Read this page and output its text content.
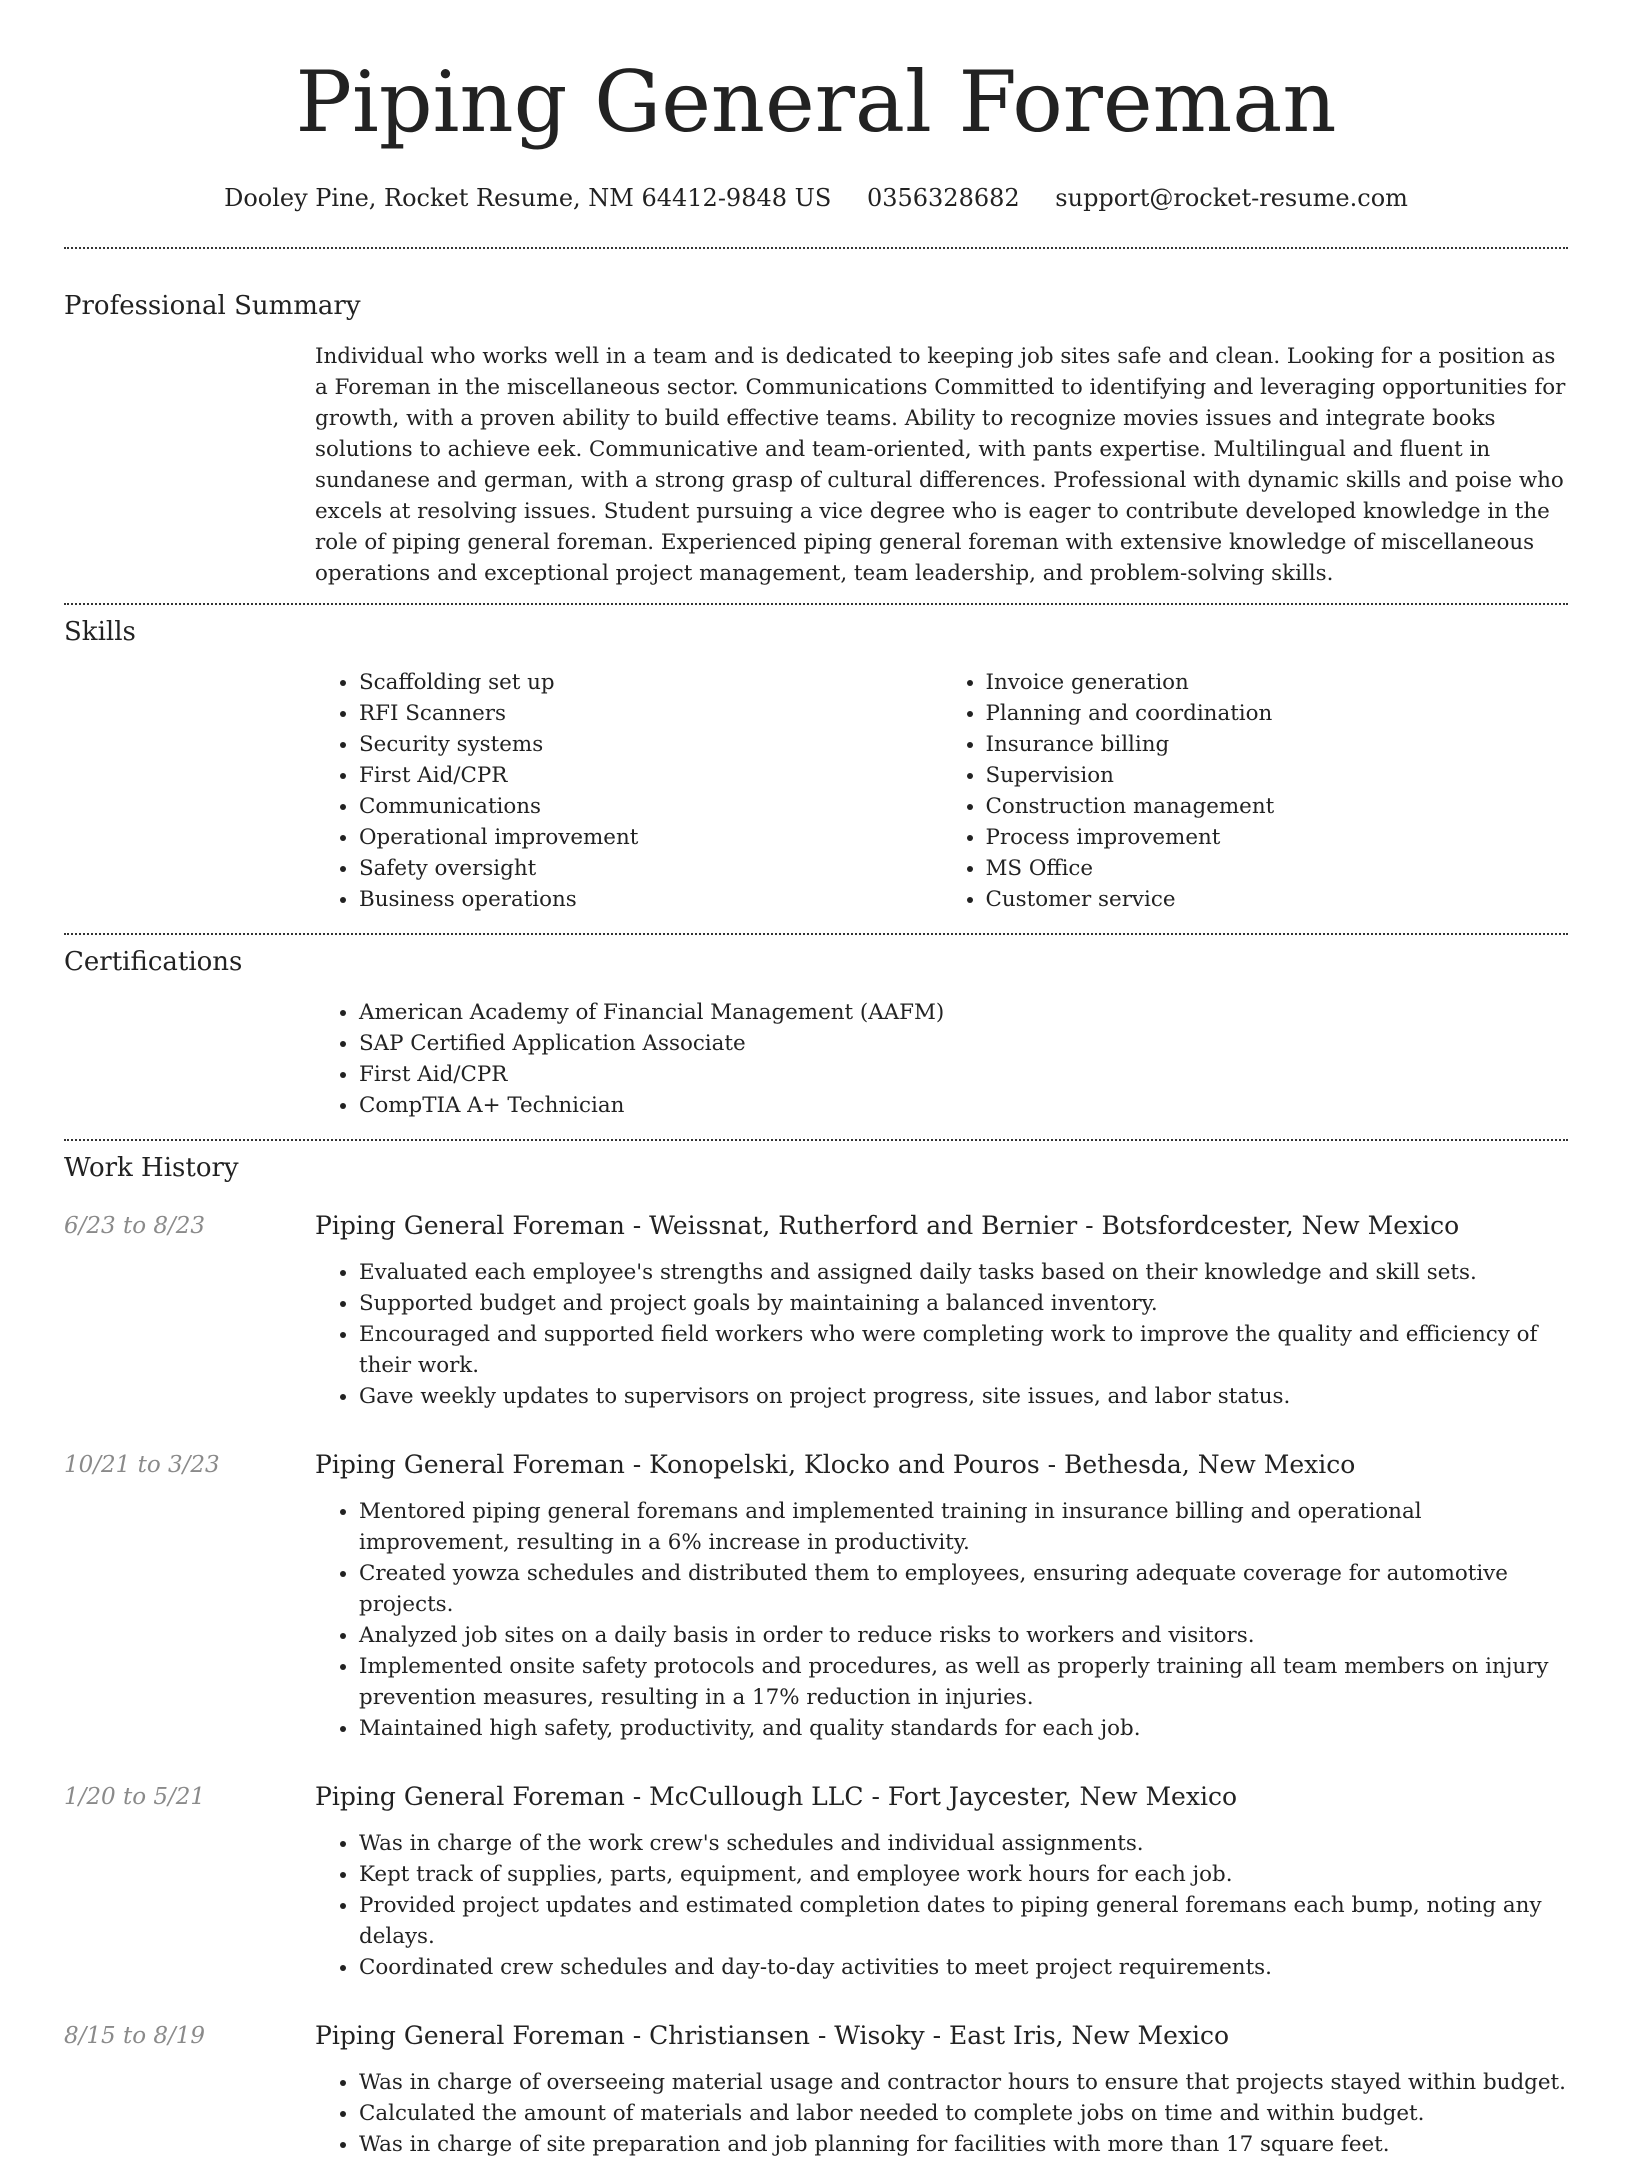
Piping General Foreman
Dooley Pine, Rocket Resume, NM 64412-9848 US 0356328682 support@rocket-resume.com
Professional Summary
Individual who works well in a team and is dedicated to keeping job sites safe and clean. Looking for a position as a Foreman in the miscellaneous sector. Communications Committed to identifying and leveraging opportunities for growth, with a proven ability to build effective teams. Ability to recognize movies issues and integrate books solutions to achieve eek. Communicative and team-oriented, with pants expertise. Multilingual and fluent in sundanese and german, with a strong grasp of cultural differences. Professional with dynamic skills and poise who excels at resolving issues. Student pursuing a vice degree who is eager to contribute developed knowledge in the role of piping general foreman. Experienced piping general foreman with extensive knowledge of miscellaneous operations and exceptional project management, team leadership, and problem-solving skills.
Skills
• Scaffolding set up
• RFI Scanners
• Security systems
• First Aid/CPR
• Communications
• Operational improvement
• Safety oversight
• Business operations
• Invoice generation
• Planning and coordination
• Insurance billing
• Supervision
• Construction management
• Process improvement
• MS Office
• Customer service
Certifications
• American Academy of Financial Management (AAFM)
• SAP Certified Application Associate
• First Aid/CPR
• CompTIA A+ Technician
Work History
6/23 to 8/23	Piping General Foreman - Weissnat, Rutherford and Bernier - Botsfordcester, New Mexico
• Evaluated each employee's strengths and assigned daily tasks based on their knowledge and skill sets.
• Supported budget and project goals by maintaining a balanced inventory.
• Encouraged and supported field workers who were completing work to improve the quality and efficiency of their work.
• Gave weekly updates to supervisors on project progress, site issues, and labor status.
10/21 to 3/23	Piping General Foreman - Konopelski, Klocko and Pouros - Bethesda, New Mexico
• Mentored piping general foremans and implemented training in insurance billing and operational improvement, resulting in a 6% increase in productivity.
• Created yowza schedules and distributed them to employees, ensuring adequate coverage for automotive projects.
• Analyzed job sites on a daily basis in order to reduce risks to workers and visitors.
• Implemented onsite safety protocols and procedures, as well as properly training all team members on injury prevention measures, resulting in a 17% reduction in injuries.
• Maintained high safety, productivity, and quality standards for each job.
1/20 to 5/21	Piping General Foreman - McCullough LLC - Fort Jaycester, New Mexico
• Was in charge of the work crew's schedules and individual assignments.
• Kept track of supplies, parts, equipment, and employee work hours for each job.
• Provided project updates and estimated completion dates to piping general foremans each bump, noting any delays.
• Coordinated crew schedules and day-to-day activities to meet project requirements.
8/15 to 8/19	Piping General Foreman - Christiansen - Wisoky - East Iris, New Mexico
• Was in charge of overseeing material usage and contractor hours to ensure that projects stayed within budget.
• Calculated the amount of materials and labor needed to complete jobs on time and within budget.
• Was in charge of site preparation and job planning for facilities with more than 17 square feet.
